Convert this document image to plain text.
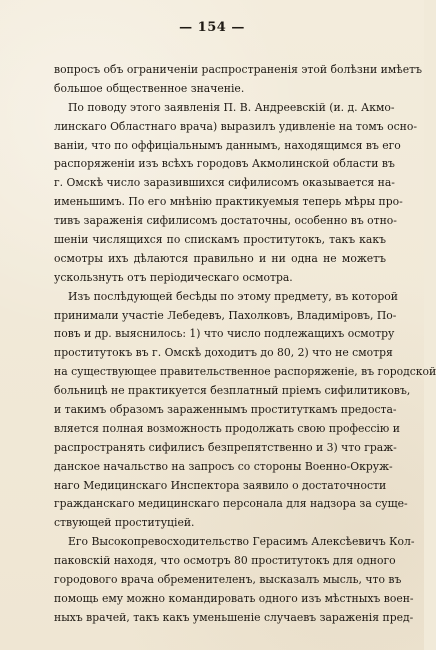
— 154 —
вопросъ объ ограниченіи распространенія этой болѣзни имѣетъ
большое общественное значеніе.
По поводу этого заявленія П. В. Андреевскій (и. д. Акмо-
линскаго Областнаго врача) выразилъ удивленіе на томъ осно-
ваніи, что по оффиціальнымъ даннымъ, находящимся въ его
распоряженіи изъ всѣхъ городовъ Акмолинской области въ
г. Омскѣ число заразившихся сифилисомъ оказывается на-
именьшимъ. По его мнѣнію практикуемыя теперь мѣры про-
тивъ зараженія сифилисомъ достаточны, особенно въ отно-
шеніи числящихся по спискамъ проститутокъ, такъ какъ
осмотры ихъ дѣлаются правильно и ни одна не можетъ
ускользнуть отъ періодическаго осмотра.
Изъ послѣдующей бесѣды по этому предмету, въ которой
принимали участіе Лебедевъ, Пахолковъ, Владиміровъ, По-
повъ и др. выяснилось: 1) что число подлежащихъ осмотру
проститутокъ въ г. Омскѣ доходитъ до 80, 2) что не смотря
на существующее правительственное распоряженіе, въ городской
больницѣ не практикуется безплатный пріемъ сифилитиковъ,
и такимъ образомъ зараженнымъ проституткамъ предоста-
вляется полная возможность продолжать свою профессію и
распространять сифилисъ безпрепятственно и 3) что граж-
данское начальство на запросъ со стороны Военно-Окруж-
наго Медицинскаго Инспектора заявило о достаточности
гражданскаго медицинскаго персонала для надзора за суще-
ствующей проституціей.
Его Высокопревосходительство Герасимъ Алексѣевичъ Кол-
паковскій находя, что осмотръ 80 проститутокъ для одного
городового врача обременителенъ, высказалъ мысль, что въ
помощь ему можно командировать одного изъ мѣстныхъ воен-
ныхъ врачей, такъ какъ уменьшеніе случаевъ зараженія пред-
